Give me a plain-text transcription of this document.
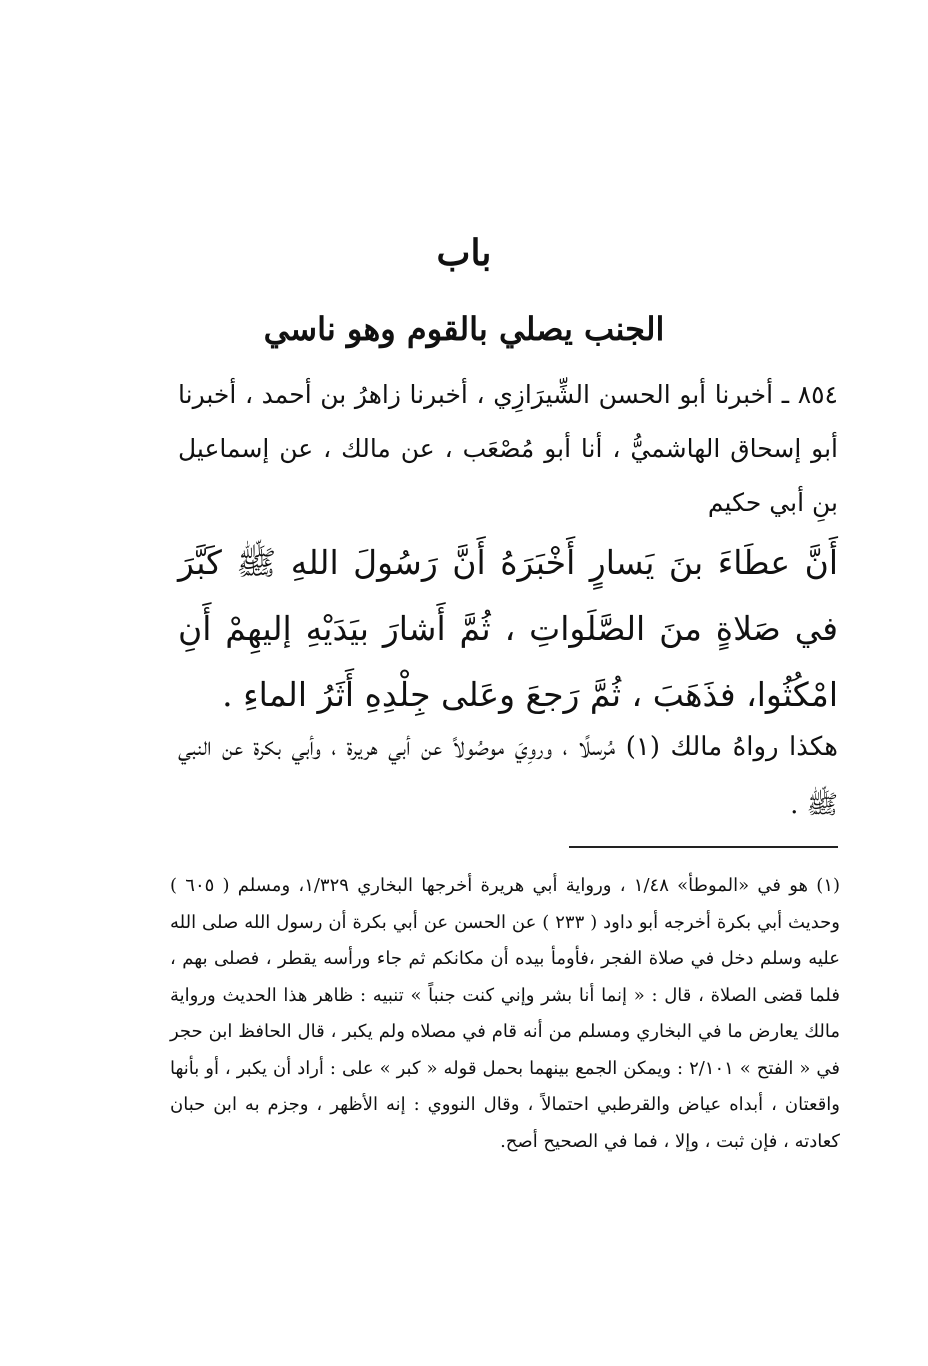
باب
الجنب يصلي بالقوم وهو ناسي

٨٥٤ ـ أخبرنا أبو الحسن الشِّيرَازِي ، أخبرنا زاهرُ بن أحمد ، أخبرنا أبو إسحاق الهاشميُّ ، أنا أبو مُصْعَب ، عن مالك ، عن إسماعيل بنِ أبي حكيم

أَنَّ عطَاءَ بنَ يَسارٍ أَخْبَرَهُ أَنَّ رَسُولَ اللهِ ﷺ كَبَّرَ في صَلاةٍ منَ الصَّلَواتِ ، ثُمَّ أَشارَ بيَدَيْهِ إليهِمْ أَنِ امْكُثُوا، فذَهَبَ ، ثُمَّ رَجعَ وعَلى جِلْدِهِ أَثَرُ الماءِ .

هكذا رواهُ مالك (١) مُرسلًا ، وروِيَ موصُولاً عن أبي هريرة ، وأبي بكرة عن النبي ﷺ .

(١) هو في «الموطأ» ١/٤٨ ، ورواية أبي هريرة أخرجها البخاري ١/٣٢٩، ومسلم ( ٦٠٥ ) وحديث أبي بكرة أخرجه أبو داود ( ٢٣٣ ) عن الحسن عن أبي بكرة أن رسول الله صلى الله عليه وسلم دخل في صلاة الفجر ،فأومأ بيده أن مكانكم ثم جاء ورأسه يقطر ، فصلى بهم ، فلما قضى الصلاة ، قال : « إنما أنا بشر وإني كنت جنباً » تنبيه : ظاهر هذا الحديث ورواية مالك يعارض ما في البخاري ومسلم من أنه قام في مصلاه ولم يكبر ، قال الحافظ ابن حجر في « الفتح » ٢/١٠١ : ويمكن الجمع بينهما بحمل قوله « كبر » على : أراد أن يكبر ، أو بأنها واقعتان ، أبداه عياض والقرطبي احتمالاً ، وقال النووي : إنه الأظهر ، وجزم به ابن حبان كعادته ، فإن ثبت ، وإلا ، فما في الصحيح أصح.
